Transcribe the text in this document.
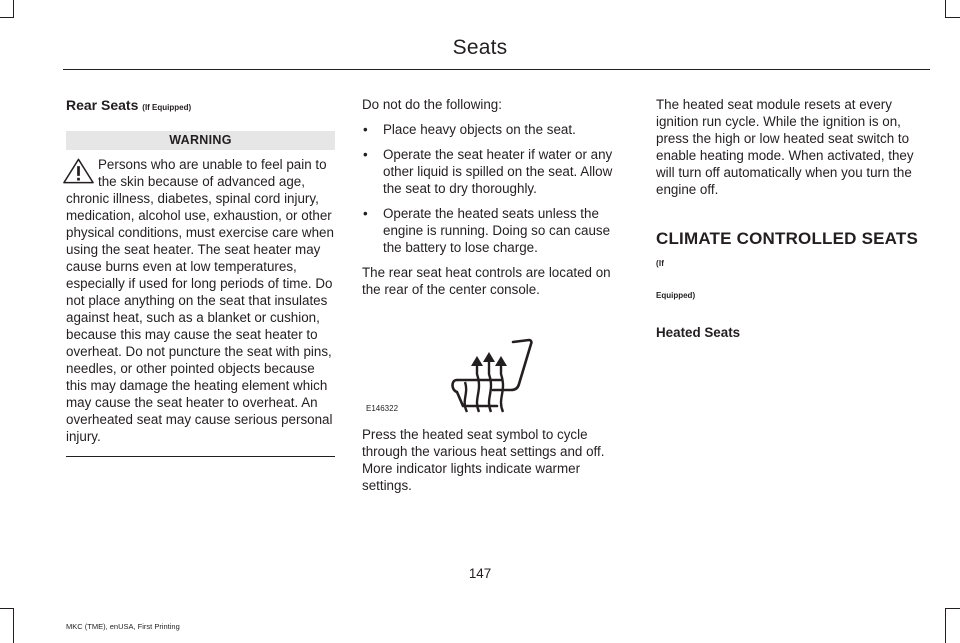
Seats
Rear Seats (If Equipped)
WARNING

Persons who are unable to feel pain to the skin because of advanced age, chronic illness, diabetes, spinal cord injury, medication, alcohol use, exhaustion, or other physical conditions, must exercise care when using the seat heater. The seat heater may cause burns even at low temperatures, especially if used for long periods of time. Do not place anything on the seat that insulates against heat, such as a blanket or cushion, because this may cause the seat heater to overheat. Do not puncture the seat with pins, needles, or other pointed objects because this may damage the heating element which may cause the seat heater to overheat. An overheated seat may cause serious personal injury.

Do not do the following:

• Place heavy objects on the seat.
• Operate the seat heater if water or any other liquid is spilled on the seat. Allow the seat to dry thoroughly.
• Operate the heated seats unless the engine is running. Doing so can cause the battery to lose charge.

The rear seat heat controls are located on the rear of the center console.

E146322

Press the heated seat symbol to cycle through the various heat settings and off. More indicator lights indicate warmer settings.

The heated seat module resets at every ignition run cycle. While the ignition is on, press the high or low heated seat switch to enable heating mode. When activated, they will turn off automatically when you turn the engine off.

CLIMATE CONTROLLED SEATS (If
Equipped)
Heated Seats
147
MKC (TME), enUSA, First Printing
